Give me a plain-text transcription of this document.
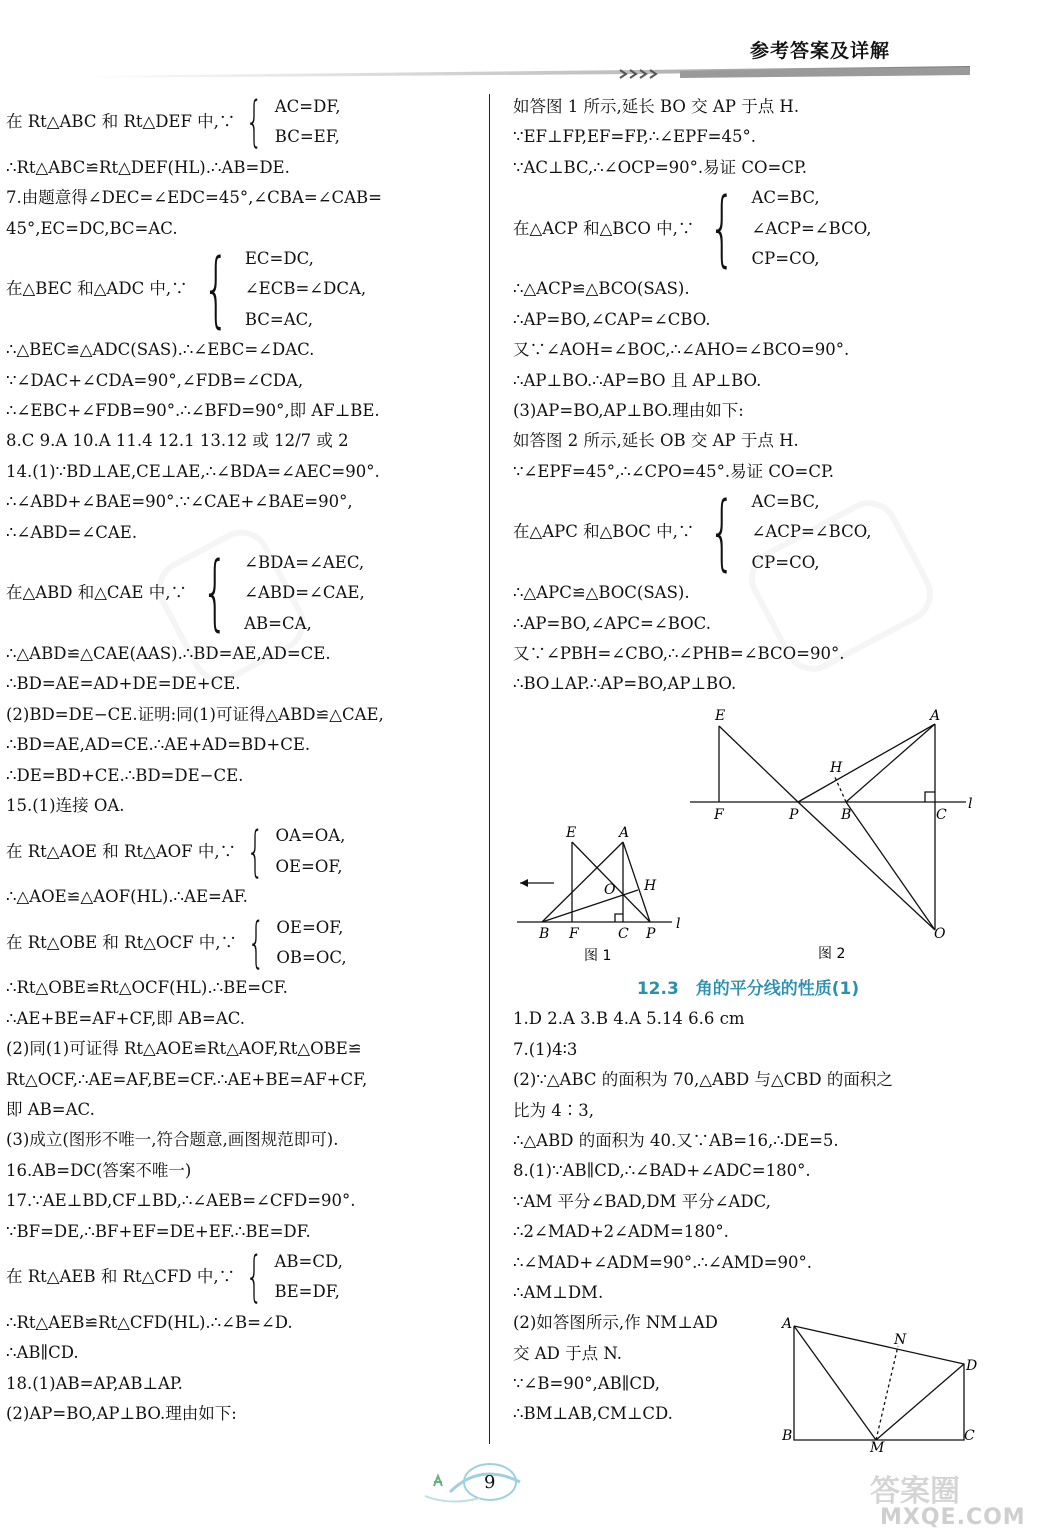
参考答案及详解
在 Rt△ABC 和 Rt△DEF 中,∵ { AC=DF,
BC=EF,
∴Rt△ABC≌Rt△DEF(HL).∴AB=DE.
7.由题意得∠DEC=∠EDC=45°,∠CBA=∠CAB=
45°,EC=DC,BC=AC.
在△BEC 和△ADC 中,∵ { EC=DC,
∠ECB=∠DCA,
BC=AC,
∴△BEC≌△ADC(SAS).∴∠EBC=∠DAC.
∵∠DAC+∠CDA=90°,∠FDB=∠CDA,
∴∠EBC+∠FDB=90°.∴∠BFD=90°,即 AF⊥BE.
8.C 9.A 10.A 11.4 12.1 13.12 或 12/7 或 2
14.(1)∵BD⊥AE,CE⊥AE,∴∠BDA=∠AEC=90°.
∴∠ABD+∠BAE=90°.∵∠CAE+∠BAE=90°,
∴∠ABD=∠CAE.
在△ABD 和△CAE 中,∵ { ∠BDA=∠AEC,
∠ABD=∠CAE,
AB=CA,
∴△ABD≌△CAE(AAS).∴BD=AE,AD=CE.
∴BD=AE=AD+DE=DE+CE.
(2)BD=DE−CE.证明:同(1)可证得△ABD≌△CAE,
∴BD=AE,AD=CE.∴AE+AD=BD+CE.
∴DE=BD+CE.∴BD=DE−CE.
15.(1)连接 OA.
在 Rt△AOE 和 Rt△AOF 中,∵ { OA=OA,
OE=OF,
∴△AOE≌△AOF(HL).∴AE=AF.
在 Rt△OBE 和 Rt△OCF 中,∵ { OE=OF,
OB=OC,
∴Rt△OBE≌Rt△OCF(HL).∴BE=CF.
∴AE+BE=AF+CF,即 AB=AC.
(2)同(1)可证得 Rt△AOE≌Rt△AOF,Rt△OBE≌
Rt△OCF,∴AE=AF,BE=CF.∴AE+BE=AF+CF,
即 AB=AC.
(3)成立(图形不唯一,符合题意,画图规范即可).
16.AB=DC(答案不唯一)
17.∵AE⊥BD,CF⊥BD,∴∠AEB=∠CFD=90°.
∵BF=DE,∴BF+EF=DE+EF.∴BE=DF.
在 Rt△AEB 和 Rt△CFD 中,∵ { AB=CD,
BE=DF,
∴Rt△AEB≌Rt△CFD(HL).∴∠B=∠D.
∴AB∥CD.
18.(1)AB=AP,AB⊥AP.
(2)AP=BO,AP⊥BO.理由如下:
如答图 1 所示,延长 BO 交 AP 于点 H.
∵EF⊥FP,EF=FP,∴∠EPF=45°.
∵AC⊥BC,∴∠OCP=90°.易证 CO=CP.
在△ACP 和△BCO 中,∵ { AC=BC,
∠ACP=∠BCO,
CP=CO,
∴△ACP≌△BCO(SAS).
∴AP=BO,∠CAP=∠CBO.
又∵∠AOH=∠BOC,∴∠AHO=∠BCO=90°.
∴AP⊥BO.∴AP=BO 且 AP⊥BO.
(3)AP=BO,AP⊥BO.理由如下:
如答图 2 所示,延长 OB 交 AP 于点 H.
∵∠EPF=45°,∴∠CPO=45°.易证 CO=CP.
在△APC 和△BOC 中,∵ { AC=BC,
∠ACP=∠BCO,
CP=CO,
∴△APC≌△BOC(SAS).
∴AP=BO,∠APC=∠BOC.
又∵∠PBH=∠CBO,∴∠PHB=∠BCO=90°.
∴BO⊥AP.∴AP=BO,AP⊥BO.
E	A
O H
B F	C P
l
图 1
E	A
H
F	P	B	C
l
O
图 2
12.3　角的平分线的性质(1)
1.D 2.A 3.B 4.A 5.14 6.6 cm
7.(1)4∶3
(2)∵△ABC 的面积为 70,△ABD 与△CBD 的面积之
比为 4∶3,
∴△ABD 的面积为 40.又∵AB=16,∴DE=5.
8.(1)∵AB∥CD,∴∠BAD+∠ADC=180°.
∵AM 平分∠BAD,DM 平分∠ADC,
∴2∠MAD+2∠ADM=180°.
∴∠MAD+∠ADM=90°.∴∠AMD=90°.
∴AM⊥DM.
(2)如答图所示,作 NM⊥AD
交 AD 于点 N.
∵∠B=90°,AB∥CD,
∴BM⊥AB,CM⊥CD.
A
N
D
B
M
C
9	答案圈
MXQE.COM
